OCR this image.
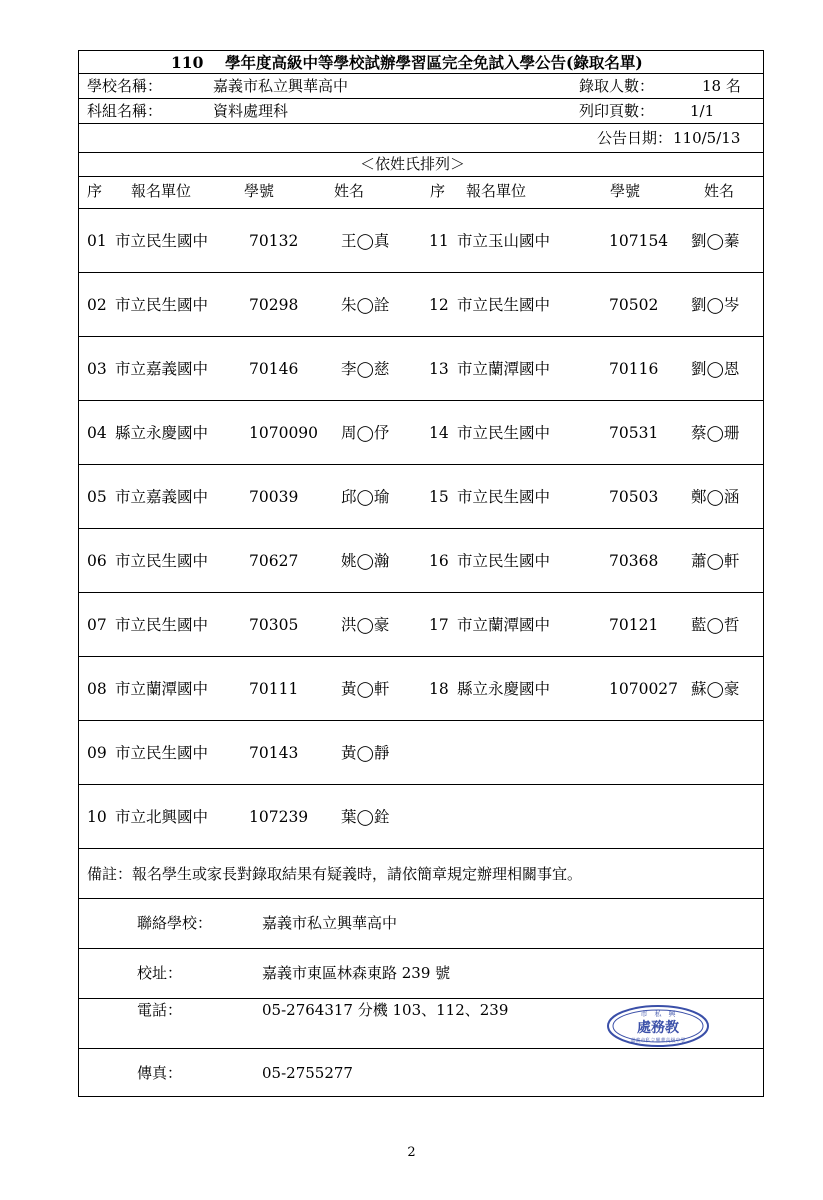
110 學年度高級中等學校試辦學習區完全免試入學公告(錄取名單)
學校名稱：	嘉義市私立興華高中	錄取人數：	18 名
科組名稱：	資料處理科	列印頁數： 1/1
公告日期： 110/5/13
＜依姓氏排列＞
序 報名單位	學號	姓名	序 報名單位	學號	姓名
01 市立民生國中	70132	王◯真	11 市立玉山國中	107154 劉◯蓁
02 市立民生國中	70298	朱◯詮	12 市立民生國中	70502 劉◯岑
03 市立嘉義國中	70146	李◯慈	13 市立蘭潭國中	70116 劉◯恩
04 縣立永慶國中	1070090 周◯伃	14 市立民生國中	70531 蔡◯珊
05 市立嘉義國中	70039	邱◯瑜	15 市立民生國中	70503 鄭◯涵
06 市立民生國中	70627	姚◯瀚	16 市立民生國中	70368 蕭◯軒
07 市立民生國中	70305	洪◯豪	17 市立蘭潭國中	70121 藍◯哲
08 市立蘭潭國中	70111	黃◯軒	18 縣立永慶國中	1070027 蘇◯豪
09 市立民生國中	70143	黃◯靜
10 市立北興國中	107239 葉◯銓
備註：報名學生或家長對錄取結果有疑義時，請依簡章規定辦理相關事宜。
聯絡學校：	嘉義市私立興華高中
校址：	嘉義市東區林森東路 239 號
電話：	05-2764317 分機 103、112、239
傳真：	05-2755277
市　私　興
處務教
嘉義市私立興華高級中學
2
